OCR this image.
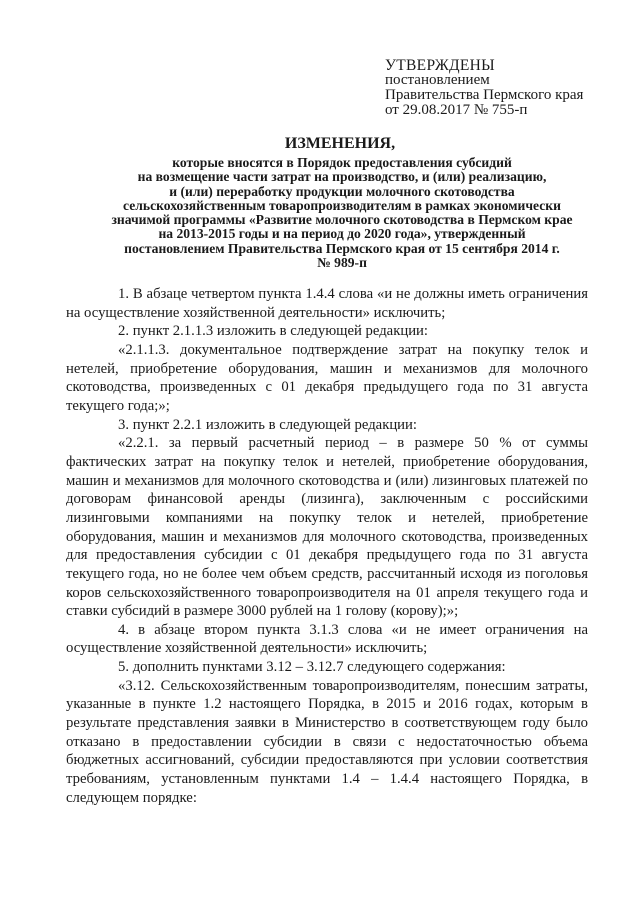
УТВЕРЖДЕНЫ
постановлением
Правительства Пермского края
от 29.08.2017 № 755-п
ИЗМЕНЕНИЯ,
которые вносятся в Порядок предоставления субсидий
на возмещение части затрат на производство, и (или) реализацию,
и (или) переработку продукции молочного скотоводства
сельскохозяйственным товаропроизводителям в рамках экономически
значимой программы «Развитие молочного скотоводства в Пермском крае
на 2013-2015 годы и на период до 2020 года», утвержденный
постановлением Правительства Пермского края от 15 сентября 2014 г.
№ 989-п

1. В абзаце четвертом пункта 1.4.4 слова «и не должны иметь ограничения на осуществление хозяйственной деятельности» исключить;

2. пункт 2.1.1.3 изложить в следующей редакции:

«2.1.1.3. документальное подтверждение затрат на покупку телок и нетелей, приобретение оборудования, машин и механизмов для молочного скотоводства, произведенных с 01 декабря предыдущего года по 31 августа текущего года;»;

3. пункт 2.2.1 изложить в следующей редакции:

«2.2.1. за первый расчетный период – в размере 50 % от суммы фактических затрат на покупку телок и нетелей, приобретение оборудования, машин и механизмов для молочного скотоводства и (или) лизинговых платежей по договорам финансовой аренды (лизинга), заключенным с российскими лизинговыми компаниями на покупку телок и нетелей, приобретение оборудования, машин и механизмов для молочного скотоводства, произведенных для предоставления субсидии с 01 декабря предыдущего года по 31 августа текущего года, но не более чем объем средств, рассчитанный исходя из поголовья коров сельскохозяйственного товаропроизводителя на 01 апреля текущего года и ставки субсидий в размере 3000 рублей на 1 голову (корову);»;

4. в абзаце втором пункта 3.1.3 слова «и не имеет ограничения на осуществление хозяйственной деятельности» исключить;

5. дополнить пунктами 3.12 – 3.12.7 следующего содержания:

«3.12. Сельскохозяйственным товаропроизводителям, понесшим затраты, указанные в пункте 1.2 настоящего Порядка, в 2015 и 2016 годах, которым в результате представления заявки в Министерство в соответствующем году было отказано в предоставлении субсидии в связи с недостаточностью объема бюджетных ассигнований, субсидии предоставляются при условии соответствия требованиям, установленным пунктами 1.4 – 1.4.4 настоящего Порядка, в следующем порядке:
